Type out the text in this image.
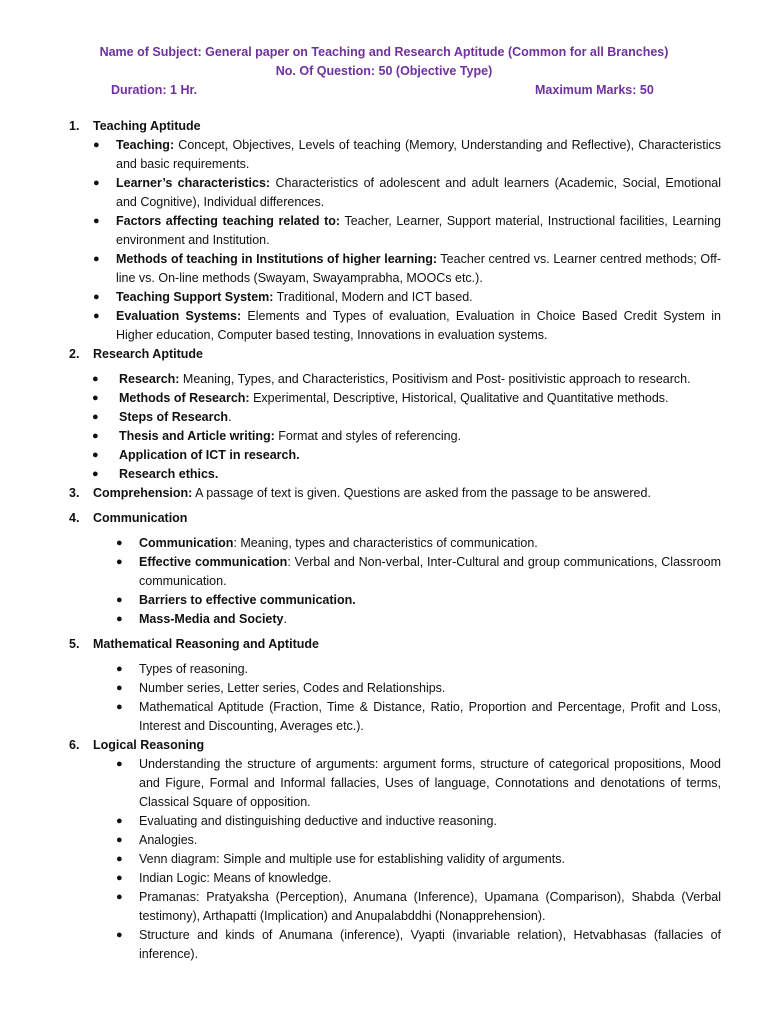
Name of Subject: General paper on Teaching and Research Aptitude (Common for all Branches)
No. Of Question: 50 (Objective Type)
Duration: 1 Hr.	Maximum Marks: 50
1. Teaching Aptitude
● Teaching: Concept, Objectives, Levels of teaching (Memory, Understanding and Reflective), Characteristics and basic requirements.
● Learner’s characteristics: Characteristics of adolescent and adult learners (Academic, Social, Emotional and Cognitive), Individual differences.
● Factors affecting teaching related to: Teacher, Learner, Support material, Instructional facilities, Learning environment and Institution.
● Methods of teaching in Institutions of higher learning: Teacher centred vs. Learner centred methods; Off-line vs. On-line methods (Swayam, Swayamprabha, MOOCs etc.).
● Teaching Support System: Traditional, Modern and ICT based.
● Evaluation Systems: Elements and Types of evaluation, Evaluation in Choice Based Credit System in Higher education, Computer based testing, Innovations in evaluation systems.
2. Research Aptitude
● Research: Meaning, Types, and Characteristics, Positivism and Post- positivistic approach to research.
● Methods of Research: Experimental, Descriptive, Historical, Qualitative and Quantitative methods.
● Steps of Research.
● Thesis and Article writing: Format and styles of referencing.
● Application of ICT in research.
● Research ethics.
3. Comprehension: A passage of text is given. Questions are asked from the passage to be answered.
4. Communication
● Communication: Meaning, types and characteristics of communication.
● Effective communication: Verbal and Non-verbal, Inter-Cultural and group communications, Classroom communication.
● Barriers to effective communication.
● Mass-Media and Society.
5. Mathematical Reasoning and Aptitude
● Types of reasoning.
● Number series, Letter series, Codes and Relationships.
● Mathematical Aptitude (Fraction, Time & Distance, Ratio, Proportion and Percentage, Profit and Loss, Interest and Discounting, Averages etc.).
6. Logical Reasoning
● Understanding the structure of arguments: argument forms, structure of categorical propositions, Mood and Figure, Formal and Informal fallacies, Uses of language, Connotations and denotations of terms, Classical Square of opposition.
● Evaluating and distinguishing deductive and inductive reasoning.
● Analogies.
● Venn diagram: Simple and multiple use for establishing validity of arguments.
● Indian Logic: Means of knowledge.
● Pramanas: Pratyaksha (Perception), Anumana (Inference), Upamana (Comparison), Shabda (Verbal testimony), Arthapatti (Implication) and Anupalabddhi (Nonapprehension).
● Structure and kinds of Anumana (inference), Vyapti (invariable relation), Hetvabhasas (fallacies of inference).
